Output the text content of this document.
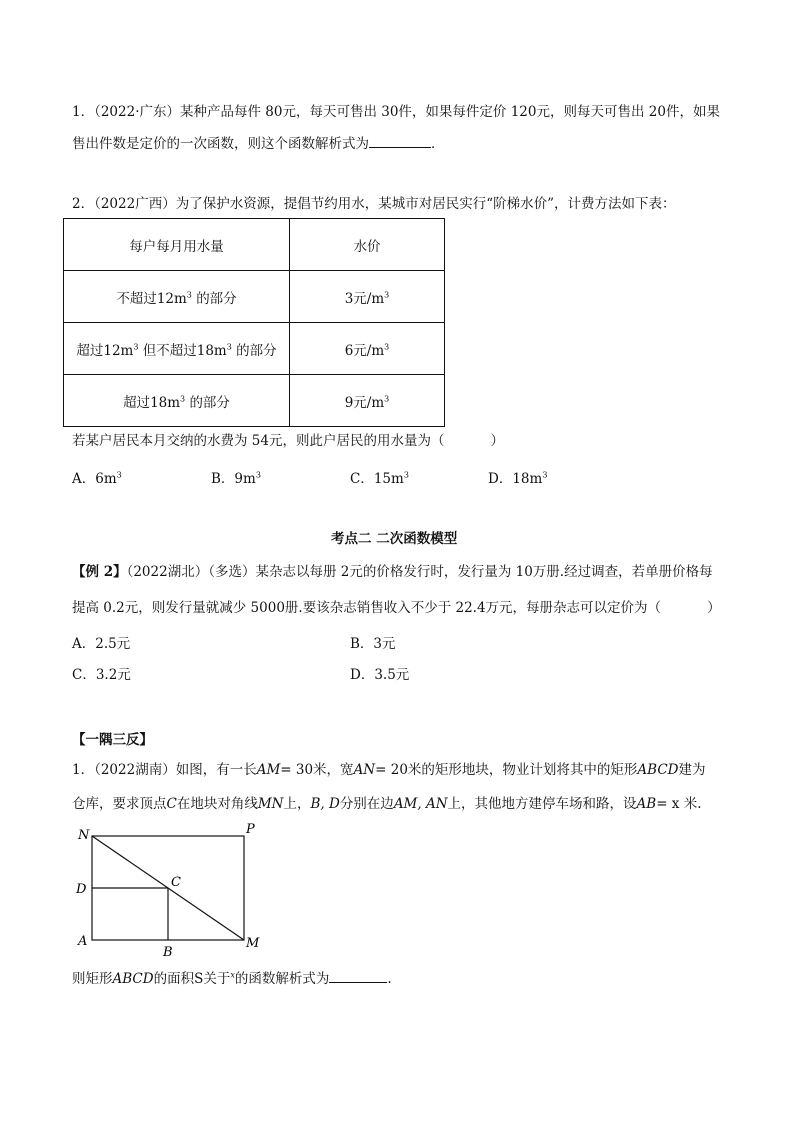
1．（2022·广东）某种产品每件 80元，每天可售出 30件，如果每件定价 120元，则每天可售出 20件，如果
售出件数是定价的一次函数，则这个函数解析式为	．
2．（2022广西）为了保护水资源，提倡节约用水，某城市对居民实行“阶梯水价”，计费方法如下表：
每户每月用水量	水价
不超过$12m^3$ 的部分	3元$/m^3$
超过$12m^3$ 但不超过$18m^3$ 的部分	6元$/m^3$
超过$18m^3$ 的部分	9元$/m^3$
若某户居民本月交纳的水费为 54元，则此户居民的用水量为（	）
A．$6m^3$	B．$9m^3$	C．$15m^3$	D．$18m^3$
考点二 二次函数模型
【例 2】（2022湖北）（多选）某杂志以每册 2元的价格发行时，发行量为 10万册.经过调查，若单册价格每
提高 0.2元，则发行量就减少 5000册.要该杂志销售收入不少于 22.4万元，每册杂志可以定价为（	）
A．2.5元	B．3元
C．3.2元	D．3.5元
【一隅三反】
1．（2022湖南）如图，有一长AM= 30米，宽AN= 20米的矩形地块，物业计划将其中的矩形ABCD建为
仓库，要求顶点C在地块对角线MN上，B, D分别在边AM, AN上，其他地方建停车场和路，设AB= x 米.
N	P
D	C
A
B
M
则矩形ABCD的面积S关于$^x$的函数解析式为	.
